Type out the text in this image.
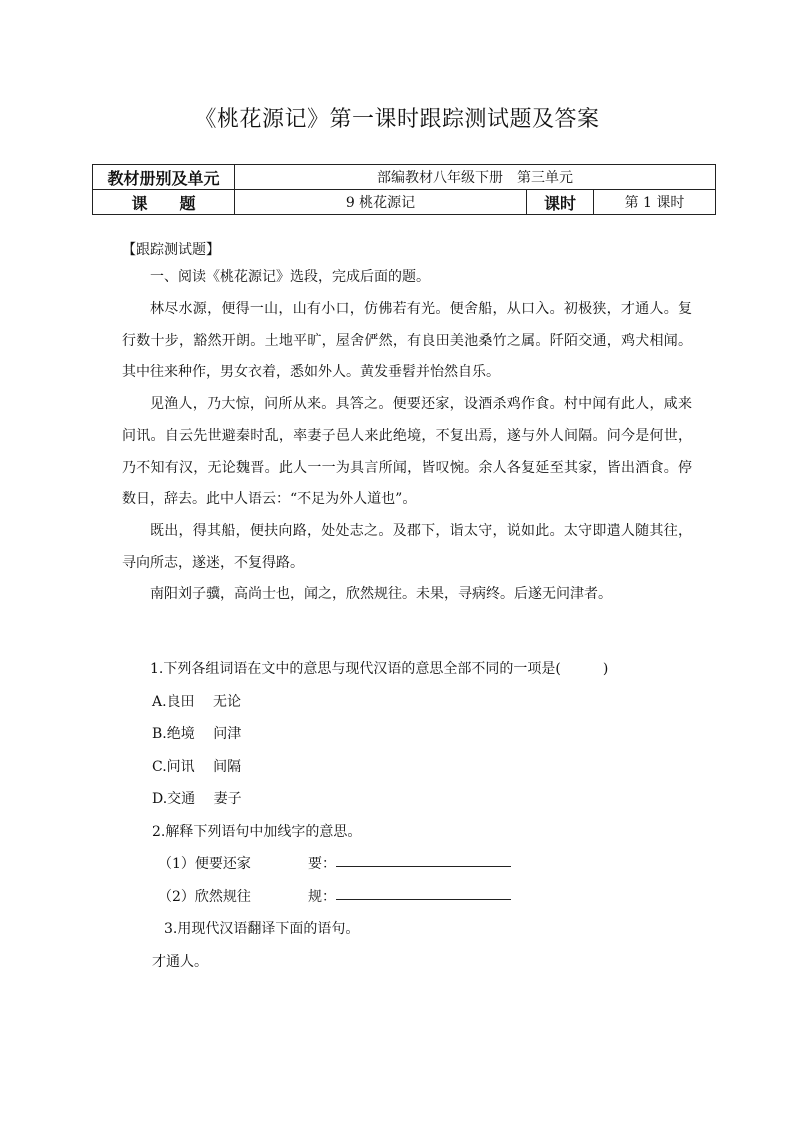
《桃花源记》第一课时跟踪测试题及答案
教材册别及单元	部编教材八年级下册　第三单元		
课　　题	9 桃花源记	课时	第 1 课时

【跟踪测试题】

一、阅读《桃花源记》选段，完成后面的题。

林尽水源，便得一山，山有小口，仿佛若有光。便舍船，从口入。初极狭，才通人。复行数十步，豁然开朗。土地平旷，屋舍俨然，有良田美池桑竹之属。阡陌交通，鸡犬相闻。其中往来种作，男女衣着，悉如外人。黄发垂髫并怡然自乐。

见渔人，乃大惊，问所从来。具答之。便要还家，设酒杀鸡作食。村中闻有此人，咸来问讯。自云先世避秦时乱，率妻子邑人来此绝境，不复出焉，遂与外人间隔。问今是何世，乃不知有汉，无论魏晋。此人一一为具言所闻，皆叹惋。余人各复延至其家，皆出酒食。停数日，辞去。此中人语云：“不足为外人道也”。

既出，得其船，便扶向路，处处志之。及郡下，诣太守，说如此。太守即遣人随其往，寻向所志，遂迷，不复得路。

南阳刘子骥，高尚士也，闻之，欣然规往。未果，寻病终。后遂无问津者。

1.下列各组词语在文中的意思与现代汉语的意思全部不同的一项是(　　　)

A.良田　 无论

B.绝境　 问津

C.问讯　 间隔

D.交通　 妻子

2.解释下列语句中加线字的意思。

（1）便要还家	要：
（2）欣然规往	规：

3.用现代汉语翻译下面的语句。

才通人。
